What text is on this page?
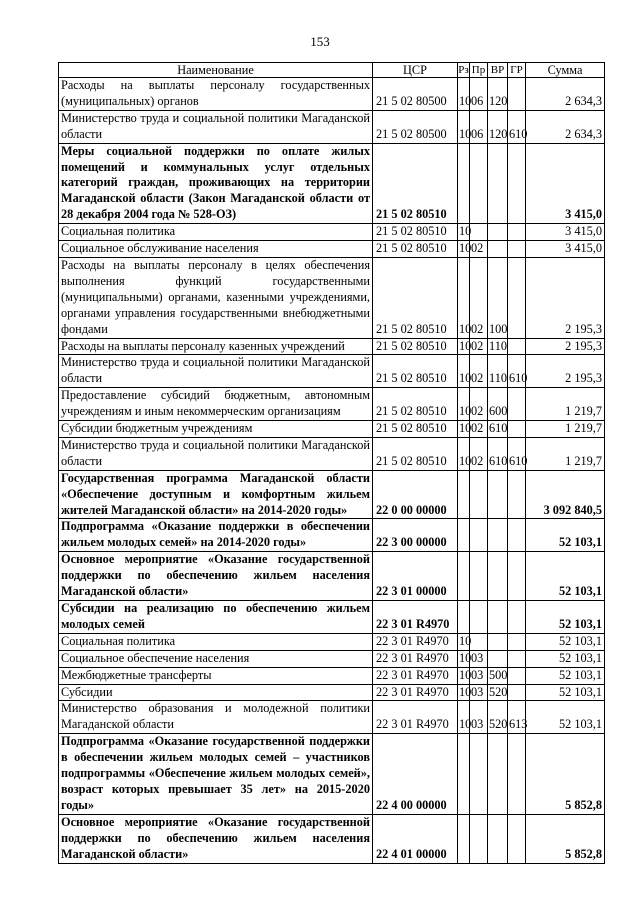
153
Наименование	ЦСР	Рз	Пр	ВР	ГР	Сумма
Расходы на выплаты персоналу государственных (муниципальных) органов	21 5 02 80500	10	06	120		2 634,3
Министерство труда и социальной политики Магаданской области	21 5 02 80500	10	06	120	610	2 634,3
Меры социальной поддержки по оплате жилых помещений и коммунальных услуг отдельных категорий граждан, проживающих на территории Магаданской области (Закон Магаданской области от 28 декабря 2004 года № 528-ОЗ)	21 5 02 80510					3 415,0
Социальная политика	21 5 02 80510	10				3 415,0
Социальное обслуживание населения	21 5 02 80510	10	02			3 415,0
Расходы на выплаты персоналу в целях обеспечения выполнения функций государственными (муниципальными) органами, казенными учреждениями, органами управления государственными внебюджетными фондами	21 5 02 80510	10	02	100		2 195,3
Расходы на выплаты персоналу казенных учреждений	21 5 02 80510	10	02	110		2 195,3
Министерство труда и социальной политики Магаданской области	21 5 02 80510	10	02	110	610	2 195,3
Предоставление субсидий бюджетным, автономным учреждениям и иным некоммерческим организациям	21 5 02 80510	10	02	600		1 219,7
Субсидии бюджетным учреждениям	21 5 02 80510	10	02	610		1 219,7
Министерство труда и социальной политики Магаданской области	21 5 02 80510	10	02	610	610	1 219,7
Государственная программа Магаданской области «Обеспечение доступным и комфортным жильем жителей Магаданской области» на 2014-2020 годы»	22 0 00 00000					3 092 840,5
Подпрограмма «Оказание поддержки в обеспечении жильем молодых семей» на 2014-2020 годы»	22 3 00 00000					52 103,1
Основное мероприятие «Оказание государственной поддержки по обеспечению жильем населения Магаданской области»	22 3 01 00000					52 103,1
Субсидии на реализацию по обеспечению жильем молодых семей	22 3 01 R4970					52 103,1
Социальная политика	22 3 01 R4970	10				52 103,1
Социальное обеспечение населения	22 3 01 R4970	10	03			52 103,1
Межбюджетные трансферты	22 3 01 R4970	10	03	500		52 103,1
Субсидии	22 3 01 R4970	10	03	520		52 103,1
Министерство образования и молодежной политики Магаданской области	22 3 01 R4970	10	03	520	613	52 103,1
Подпрограмма «Оказание государственной поддержки в обеспечении жильем молодых семей – участников подпрограммы «Обеспечение жильем молодых семей», возраст которых превышает 35 лет» на 2015-2020 годы»	22 4 00 00000					5 852,8
Основное мероприятие «Оказание государственной поддержки по обеспечению жильем населения Магаданской области»	22 4 01 00000					5 852,8
